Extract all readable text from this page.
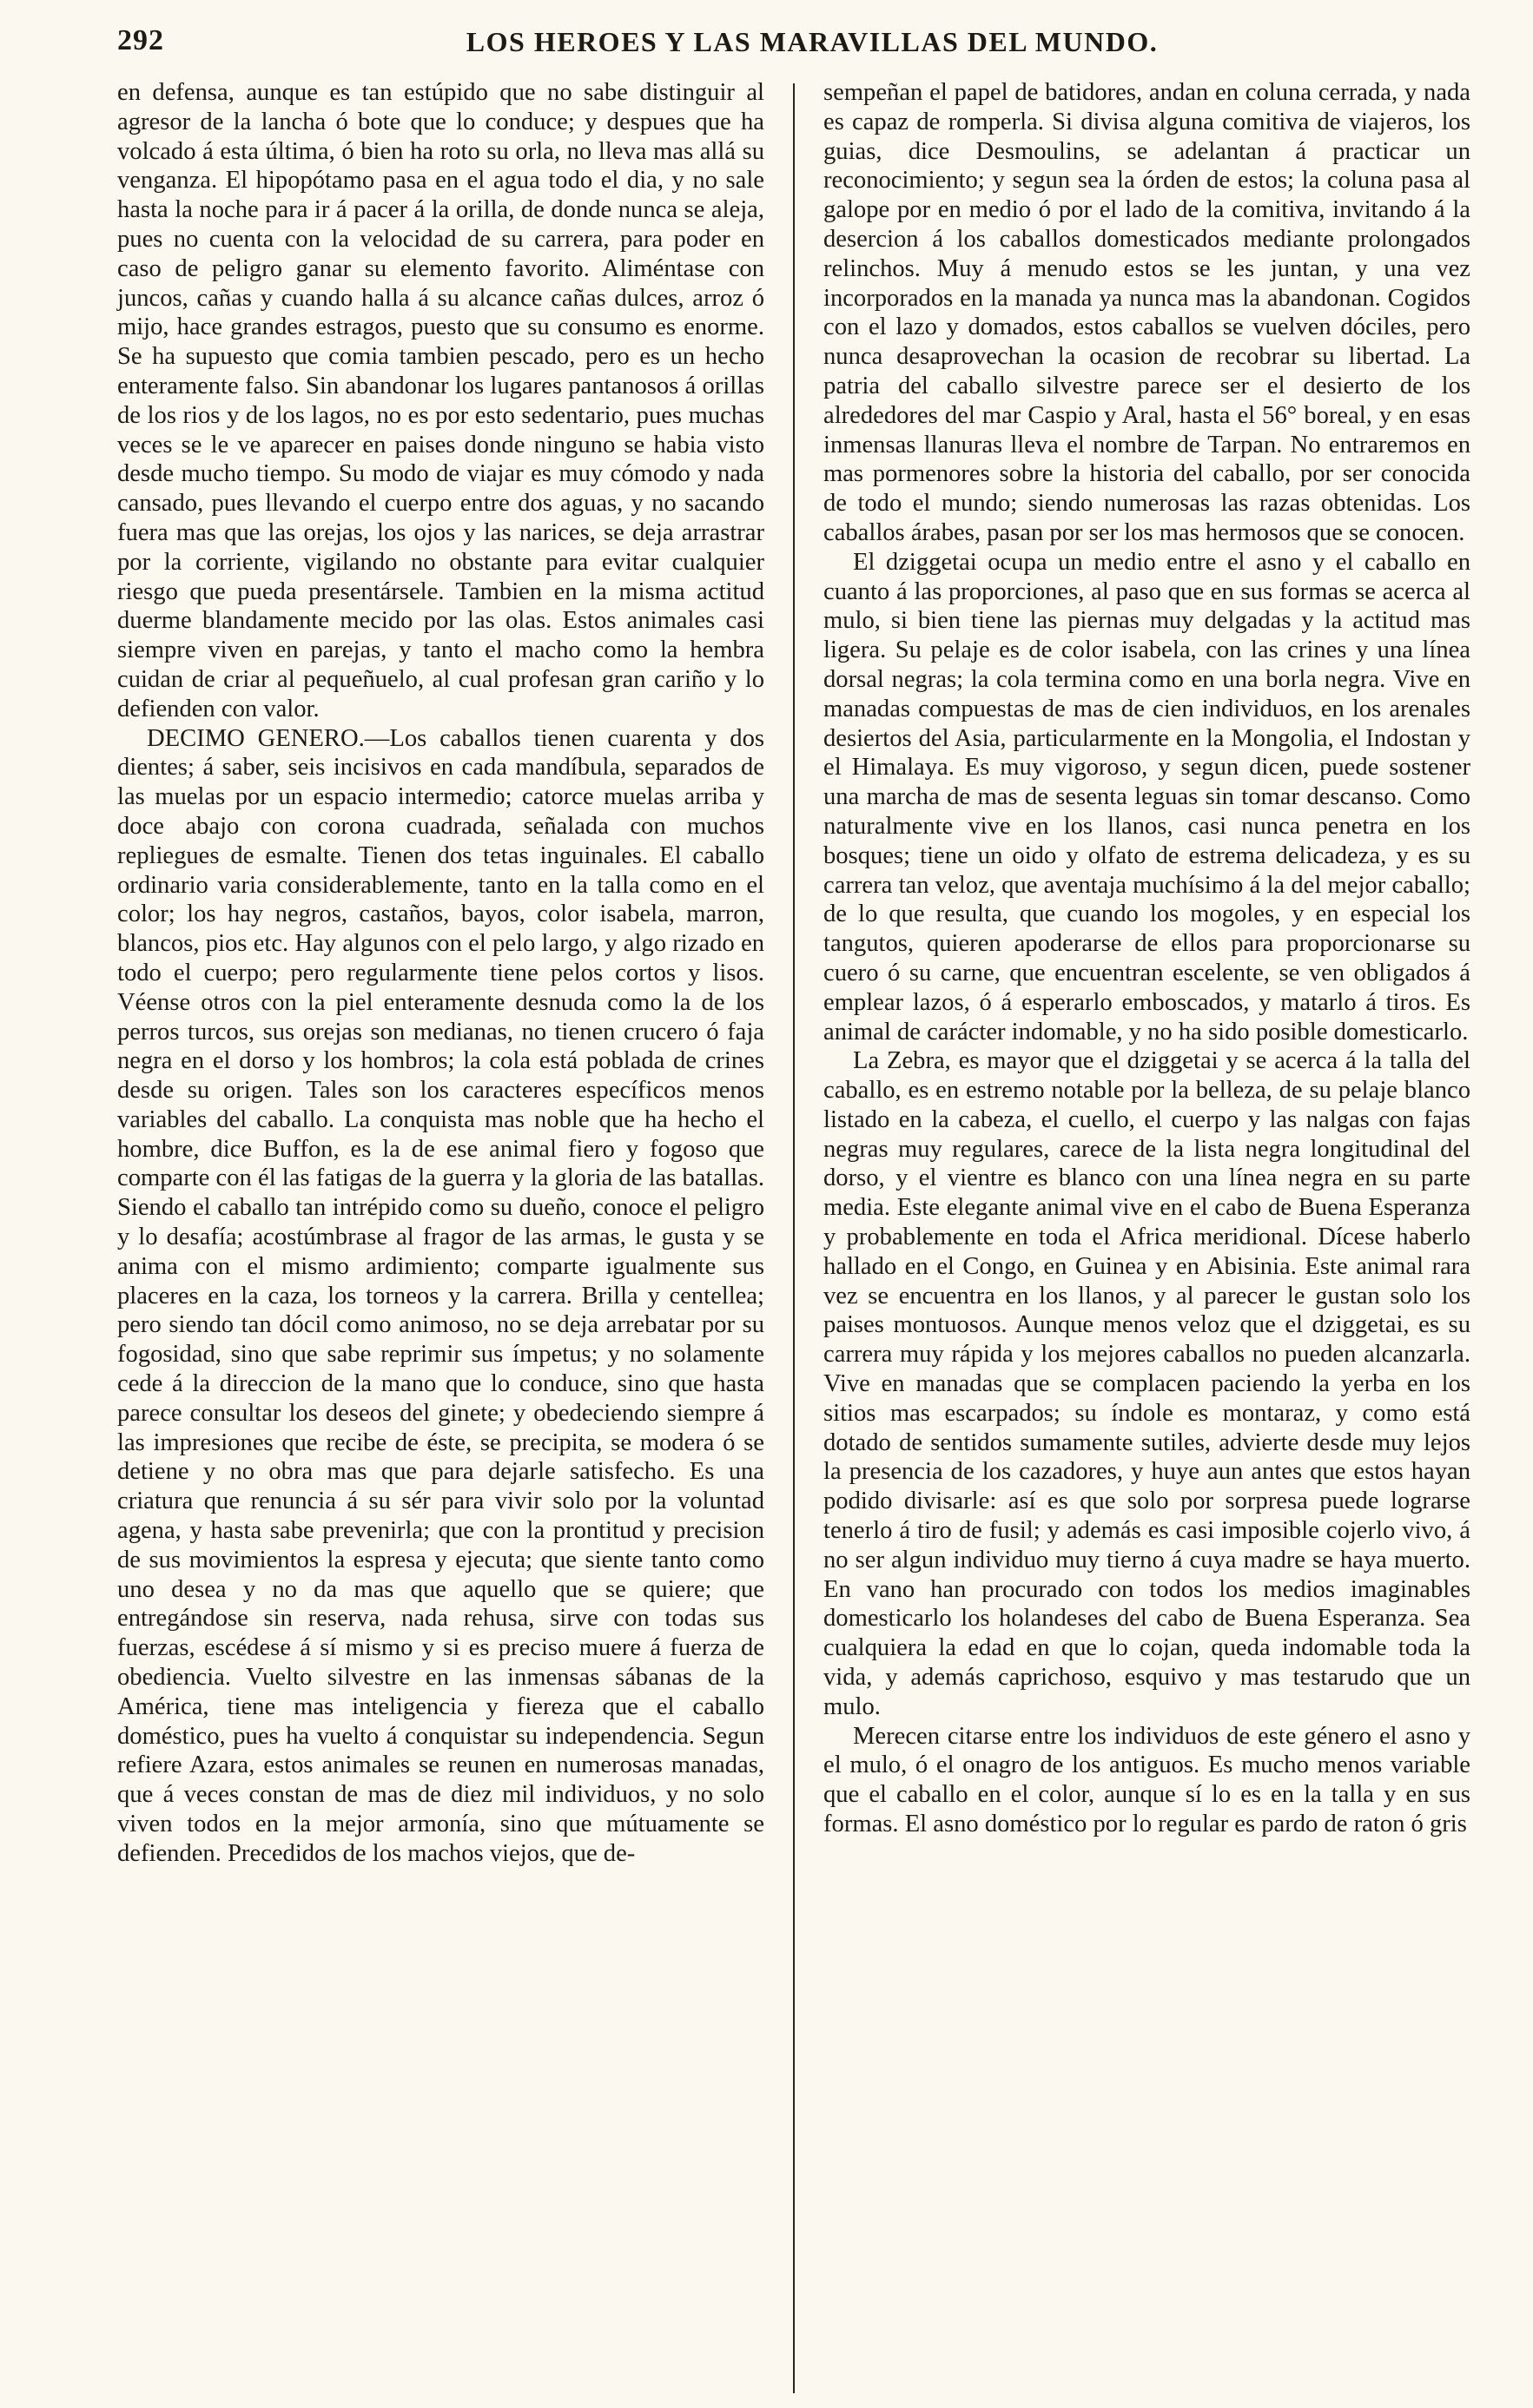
292	LOS HEROES Y LAS MARAVILLAS DEL MUNDO.

en defensa, aunque es tan estúpido que no sabe distinguir al agresor de la lancha ó bote que lo conduce; y despues que ha volcado á esta última, ó bien ha roto su orla, no lleva mas allá su venganza. El hipopótamo pasa en el agua todo el dia, y no sale hasta la noche para ir á pacer á la orilla, de donde nunca se aleja, pues no cuenta con la velocidad de su carrera, para poder en caso de peligro ganar su elemento favorito. Aliméntase con juncos, cañas y cuando halla á su alcance cañas dulces, arroz ó mijo, hace grandes estragos, puesto que su consumo es enorme. Se ha supuesto que comia tambien pescado, pero es un hecho enteramente falso. Sin abandonar los lugares pantanosos á orillas de los rios y de los lagos, no es por esto sedentario, pues muchas veces se le ve aparecer en paises donde ninguno se habia visto desde mucho tiempo. Su modo de viajar es muy cómodo y nada cansado, pues llevando el cuerpo entre dos aguas, y no sacando fuera mas que las orejas, los ojos y las narices, se deja arrastrar por la corriente, vigilando no obstante para evitar cualquier riesgo que pueda presentársele. Tambien en la misma actitud duerme blandamente mecido por las olas. Estos animales casi siempre viven en parejas, y tanto el macho como la hembra cuidan de criar al pequeñuelo, al cual profesan gran cariño y lo defienden con valor.

DECIMO GENERO.—Los caballos tienen cuarenta y dos dientes; á saber, seis incisivos en cada mandíbula, separados de las muelas por un espacio intermedio; catorce muelas arriba y doce abajo con corona cuadrada, señalada con muchos repliegues de esmalte. Tienen dos tetas inguinales. El caballo ordinario varia considerablemente, tanto en la talla como en el color; los hay negros, castaños, bayos, color isabela, marron, blancos, pios etc. Hay algunos con el pelo largo, y algo rizado en todo el cuerpo; pero regularmente tiene pelos cortos y lisos. Véense otros con la piel enteramente desnuda como la de los perros turcos, sus orejas son medianas, no tienen crucero ó faja negra en el dorso y los hombros; la cola está poblada de crines desde su origen. Tales son los caracteres específicos menos variables del caballo. La conquista mas noble que ha hecho el hombre, dice Buffon, es la de ese animal fiero y fogoso que comparte con él las fatigas de la guerra y la gloria de las batallas. Siendo el caballo tan intrépido como su dueño, conoce el peligro y lo desafía; acostúmbrase al fragor de las armas, le gusta y se anima con el mismo ardimiento; comparte igualmente sus placeres en la caza, los torneos y la carrera. Brilla y centellea; pero siendo tan dócil como animoso, no se deja arrebatar por su fogosidad, sino que sabe reprimir sus ímpetus; y no solamente cede á la direccion de la mano que lo conduce, sino que hasta parece consultar los deseos del ginete; y obedeciendo siempre á las impresiones que recibe de éste, se precipita, se modera ó se detiene y no obra mas que para dejarle satisfecho. Es una criatura que renuncia á su sér para vivir solo por la voluntad agena, y hasta sabe prevenirla; que con la prontitud y precision de sus movimientos la espresa y ejecuta; que siente tanto como uno desea y no da mas que aquello que se quiere; que entregándose sin reserva, nada rehusa, sirve con todas sus fuerzas, escédese á sí mismo y si es preciso muere á fuerza de obediencia. Vuelto silvestre en las inmensas sábanas de la América, tiene mas inteligencia y fiereza que el caballo doméstico, pues ha vuelto á conquistar su independencia. Segun refiere Azara, estos animales se reunen en numerosas manadas, que á veces constan de mas de diez mil individuos, y no solo viven todos en la mejor armonía, sino que mútuamente se defienden. Precedidos de los machos viejos, que de-

sempeñan el papel de batidores, andan en coluna cerrada, y nada es capaz de romperla. Si divisa alguna comitiva de viajeros, los guias, dice Desmoulins, se adelantan á practicar un reconocimiento; y segun sea la órden de estos; la coluna pasa al galope por en medio ó por el lado de la comitiva, invitando á la desercion á los caballos domesticados mediante prolongados relinchos. Muy á menudo estos se les juntan, y una vez incorporados en la manada ya nunca mas la abandonan. Cogidos con el lazo y domados, estos caballos se vuelven dóciles, pero nunca desaprovechan la ocasion de recobrar su libertad. La patria del caballo silvestre parece ser el desierto de los alrededores del mar Caspio y Aral, hasta el 56° boreal, y en esas inmensas llanuras lleva el nombre de Tarpan. No entraremos en mas pormenores sobre la historia del caballo, por ser conocida de todo el mundo; siendo numerosas las razas obtenidas. Los caballos árabes, pasan por ser los mas hermosos que se conocen.

El dziggetai ocupa un medio entre el asno y el caballo en cuanto á las proporciones, al paso que en sus formas se acerca al mulo, si bien tiene las piernas muy delgadas y la actitud mas ligera. Su pelaje es de color isabela, con las crines y una línea dorsal negras; la cola termina como en una borla negra. Vive en manadas compuestas de mas de cien individuos, en los arenales desiertos del Asia, particularmente en la Mongolia, el Indostan y el Himalaya. Es muy vigoroso, y segun dicen, puede sostener una marcha de mas de sesenta leguas sin tomar descanso. Como naturalmente vive en los llanos, casi nunca penetra en los bosques; tiene un oido y olfato de estrema delicadeza, y es su carrera tan veloz, que aventaja muchísimo á la del mejor caballo; de lo que resulta, que cuando los mogoles, y en especial los tangutos, quieren apoderarse de ellos para proporcionarse su cuero ó su carne, que encuentran escelente, se ven obligados á emplear lazos, ó á esperarlo emboscados, y matarlo á tiros. Es animal de carácter indomable, y no ha sido posible domesticarlo.

La Zebra, es mayor que el dziggetai y se acerca á la talla del caballo, es en estremo notable por la belleza, de su pelaje blanco listado en la cabeza, el cuello, el cuerpo y las nalgas con fajas negras muy regulares, carece de la lista negra longitudinal del dorso, y el vientre es blanco con una línea negra en su parte media. Este elegante animal vive en el cabo de Buena Esperanza y probablemente en toda el Africa meridional. Dícese haberlo hallado en el Congo, en Guinea y en Abisinia. Este animal rara vez se encuentra en los llanos, y al parecer le gustan solo los paises montuosos. Aunque menos veloz que el dziggetai, es su carrera muy rápida y los mejores caballos no pueden alcanzarla. Vive en manadas que se complacen paciendo la yerba en los sitios mas escarpados; su índole es montaraz, y como está dotado de sentidos sumamente sutiles, advierte desde muy lejos la presencia de los cazadores, y huye aun antes que estos hayan podido divisarle: así es que solo por sorpresa puede lograrse tenerlo á tiro de fusil; y además es casi imposible cojerlo vivo, á no ser algun individuo muy tierno á cuya madre se haya muerto. En vano han procurado con todos los medios imaginables domesticarlo los holandeses del cabo de Buena Esperanza. Sea cualquiera la edad en que lo cojan, queda indomable toda la vida, y además caprichoso, esquivo y mas testarudo que un mulo.

Merecen citarse entre los individuos de este género el asno y el mulo, ó el onagro de los antiguos. Es mucho menos variable que el caballo en el color, aunque sí lo es en la talla y en sus formas. El asno doméstico por lo regular es pardo de raton ó gris
